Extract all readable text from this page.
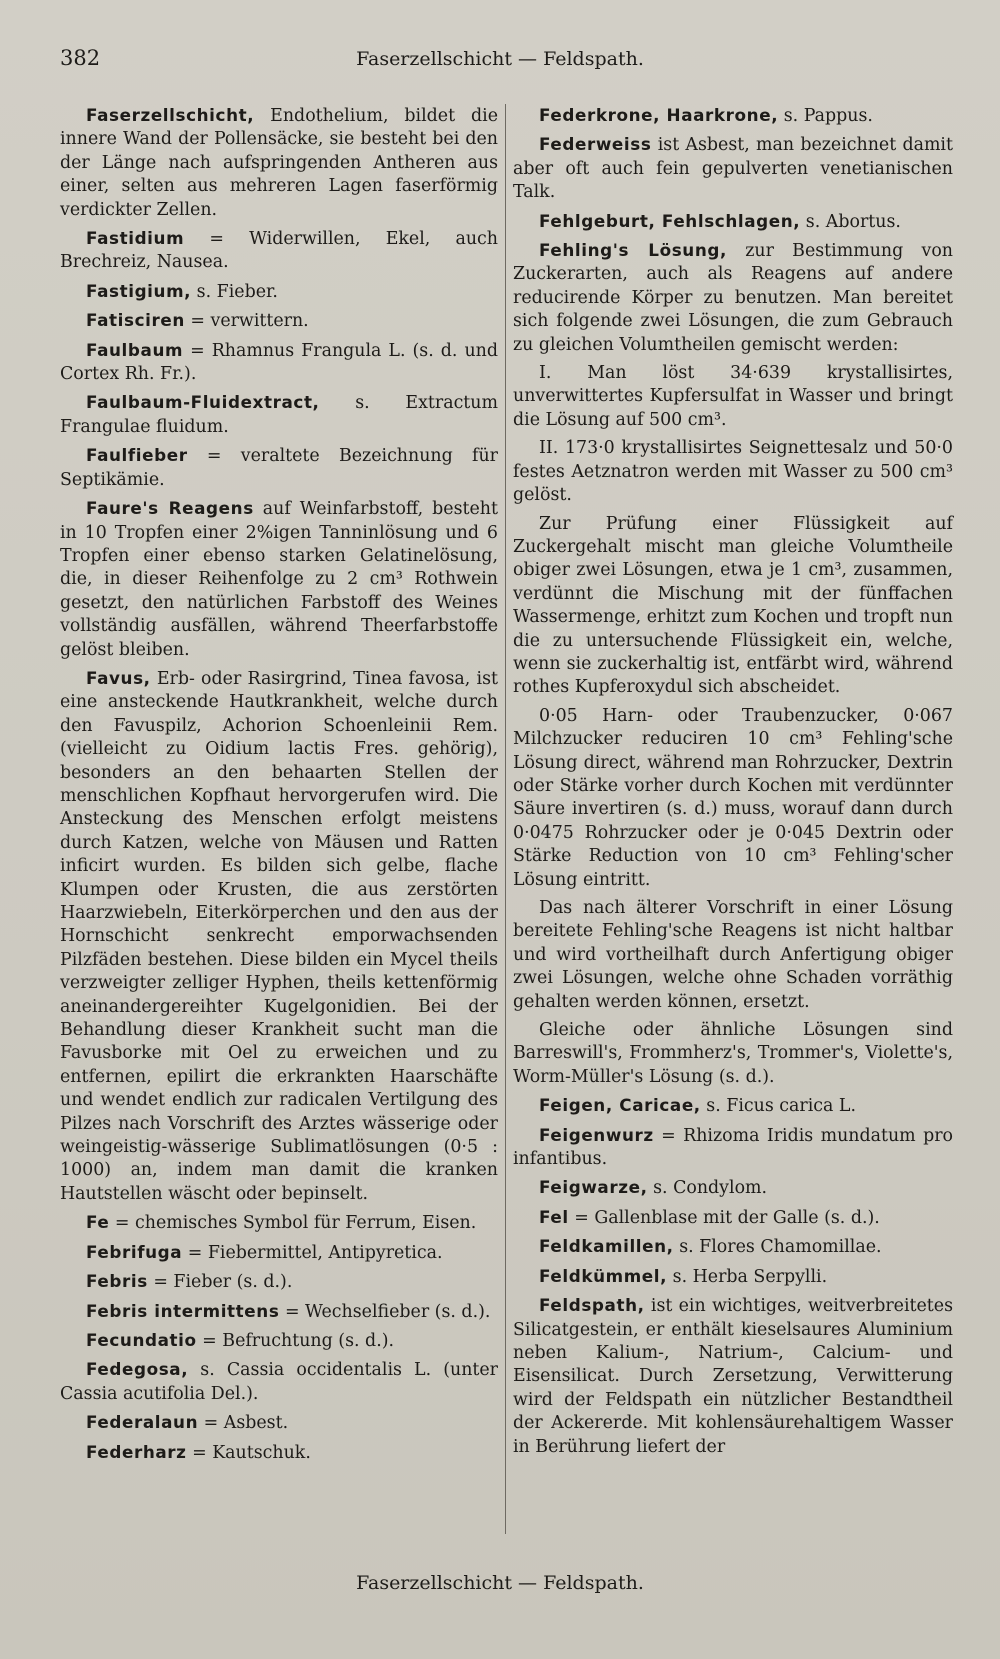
382	Faserzellschicht — Feldspath.

Faserzellschicht, Endothelium, bildet die innere Wand der Pollensäcke, sie besteht bei den der Länge nach aufspringenden Antheren aus einer, selten aus mehreren Lagen faserförmig verdickter Zellen.

Fastidium = Widerwillen, Ekel, auch Brechreiz, Nausea.

Fastigium, s. Fieber.

Fatisciren = verwittern.

Faulbaum = Rhamnus Frangula L. (s. d. und Cortex Rh. Fr.).

Faulbaum-Fluidextract, s. Extractum Frangulae fluidum.

Faulfieber = veraltete Bezeichnung für Septikämie.

Faure's Reagens auf Weinfarbstoff, besteht in 10 Tropfen einer 2%igen Tanninlösung und 6 Tropfen einer ebenso starken Gelatinelösung, die, in dieser Reihenfolge zu 2 cm³ Rothwein gesetzt, den natürlichen Farbstoff des Weines vollständig ausfällen, während Theerfarbstoffe gelöst bleiben.

Favus, Erb- oder Rasirgrind, Tinea favosa, ist eine ansteckende Hautkrankheit, welche durch den Favuspilz, Achorion Schoenleinii Rem. (vielleicht zu Oidium lactis Fres. gehörig), besonders an den behaarten Stellen der menschlichen Kopfhaut hervorgerufen wird. Die Ansteckung des Menschen erfolgt meistens durch Katzen, welche von Mäusen und Ratten inficirt wurden. Es bilden sich gelbe, flache Klumpen oder Krusten, die aus zerstörten Haarzwiebeln, Eiterkörperchen und den aus der Hornschicht senkrecht emporwachsenden Pilzfäden bestehen. Diese bilden ein Mycel theils verzweigter zelliger Hyphen, theils kettenförmig aneinandergereihter Kugelgonidien. Bei der Behandlung dieser Krankheit sucht man die Favusborke mit Oel zu erweichen und zu entfernen, epilirt die erkrankten Haarschäfte und wendet endlich zur radicalen Vertilgung des Pilzes nach Vorschrift des Arztes wässerige oder weingeistig-wässerige Sublimatlösungen (0·5 : 1000) an, indem man damit die kranken Hautstellen wäscht oder bepinselt.

Fe = chemisches Symbol für Ferrum, Eisen.

Febrifuga = Fiebermittel, Antipyretica.

Febris = Fieber (s. d.).

Febris intermittens = Wechselfieber (s. d.).

Fecundatio = Befruchtung (s. d.).

Fedegosa, s. Cassia occidentalis L. (unter Cassia acutifolia Del.).

Federalaun = Asbest.

Federharz = Kautschuk.

Federkrone, Haarkrone, s. Pappus.

Federweiss ist Asbest, man bezeichnet damit aber oft auch fein gepulverten venetianischen Talk.

Fehlgeburt, Fehlschlagen, s. Abortus.

Fehling's Lösung, zur Bestimmung von Zuckerarten, auch als Reagens auf andere reducirende Körper zu benutzen. Man bereitet sich folgende zwei Lösungen, die zum Gebrauch zu gleichen Volumtheilen gemischt werden:

I. Man löst 34·639 krystallisirtes, unverwittertes Kupfersulfat in Wasser und bringt die Lösung auf 500 cm³.

II. 173·0 krystallisirtes Seignettesalz und 50·0 festes Aetznatron werden mit Wasser zu 500 cm³ gelöst.

Zur Prüfung einer Flüssigkeit auf Zuckergehalt mischt man gleiche Volumtheile obiger zwei Lösungen, etwa je 1 cm³, zusammen, verdünnt die Mischung mit der fünffachen Wassermenge, erhitzt zum Kochen und tropft nun die zu untersuchende Flüssigkeit ein, welche, wenn sie zuckerhaltig ist, entfärbt wird, während rothes Kupferoxydul sich abscheidet.

0·05 Harn- oder Traubenzucker, 0·067 Milchzucker reduciren 10 cm³ Fehling'sche Lösung direct, während man Rohrzucker, Dextrin oder Stärke vorher durch Kochen mit verdünnter Säure invertiren (s. d.) muss, worauf dann durch 0·0475 Rohrzucker oder je 0·045 Dextrin oder Stärke Reduction von 10 cm³ Fehling'scher Lösung eintritt.

Das nach älterer Vorschrift in einer Lösung bereitete Fehling'sche Reagens ist nicht haltbar und wird vortheilhaft durch Anfertigung obiger zwei Lösungen, welche ohne Schaden vorräthig gehalten werden können, ersetzt.

Gleiche oder ähnliche Lösungen sind Barreswill's, Frommherz's, Trommer's, Violette's, Worm-Müller's Lösung (s. d.).

Feigen, Caricae, s. Ficus carica L.

Feigenwurz = Rhizoma Iridis mundatum pro infantibus.

Feigwarze, s. Condylom.

Fel = Gallenblase mit der Galle (s. d.).

Feldkamillen, s. Flores Chamomillae.

Feldkümmel, s. Herba Serpylli.

Feldspath, ist ein wichtiges, weitverbreitetes Silicatgestein, er enthält kieselsaures Aluminium neben Kalium-, Natrium-, Calcium- und Eisensilicat. Durch Zersetzung, Verwitterung wird der Feldspath ein nützlicher Bestandtheil der Ackererde. Mit kohlensäurehaltigem Wasser in Berührung liefert der

Faserzellschicht — Feldspath.
